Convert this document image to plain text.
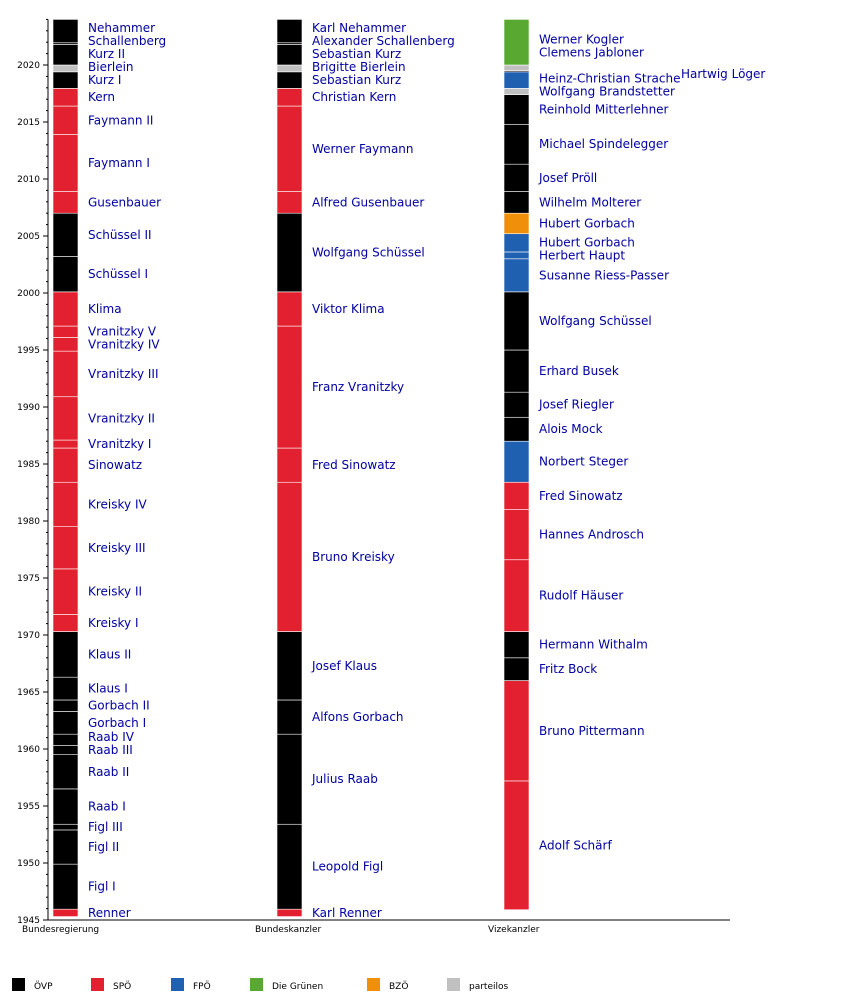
1945
1950
1955
1960
1965
1970
1975
1980
1985
1990
1995
2000
2005
2010
2015
2020
Renner
Figl I
Figl II
Figl III
Raab I
Raab II
Raab III
Raab IV
Gorbach I
Gorbach II
Klaus I
Klaus II
Kreisky I
Kreisky II
Kreisky III
Kreisky IV
Sinowatz
Vranitzky I
Vranitzky II
Vranitzky III
Vranitzky IV
Vranitzky V
Klima
Schüssel I
Schüssel II
Gusenbauer
Faymann I
Faymann II
Kern
Kurz I
Bierlein
Kurz II
Schallenberg
Nehammer
Karl Renner
Leopold Figl
Julius Raab
Alfons Gorbach
Josef Klaus
Bruno Kreisky
Fred Sinowatz
Franz Vranitzky
Viktor Klima
Wolfgang Schüssel
Alfred Gusenbauer
Werner Faymann
Christian Kern
Sebastian Kurz
Brigitte Bierlein
Sebastian Kurz
Alexander Schallenberg
Karl Nehammer
Adolf Schärf
Bruno Pittermann
Fritz Bock
Hermann Withalm
Rudolf Häuser
Hannes Androsch
Fred Sinowatz
Norbert Steger
Alois Mock
Josef Riegler
Erhard Busek
Wolfgang Schüssel
Susanne Riess-Passer
Herbert Haupt
Hubert Gorbach
Hubert Gorbach
Wilhelm Molterer
Josef Pröll
Michael Spindelegger
Reinhold Mitterlehner
Wolfgang Brandstetter
Heinz-Christian Strache Hartwig Löger
Clemens Jabloner
Werner Kogler
Bundesregierung	Bundeskanzler	Vizekanzler
ÖVP	SPÖ	FPÖ	Die Grünen	BZÖ	parteilos
